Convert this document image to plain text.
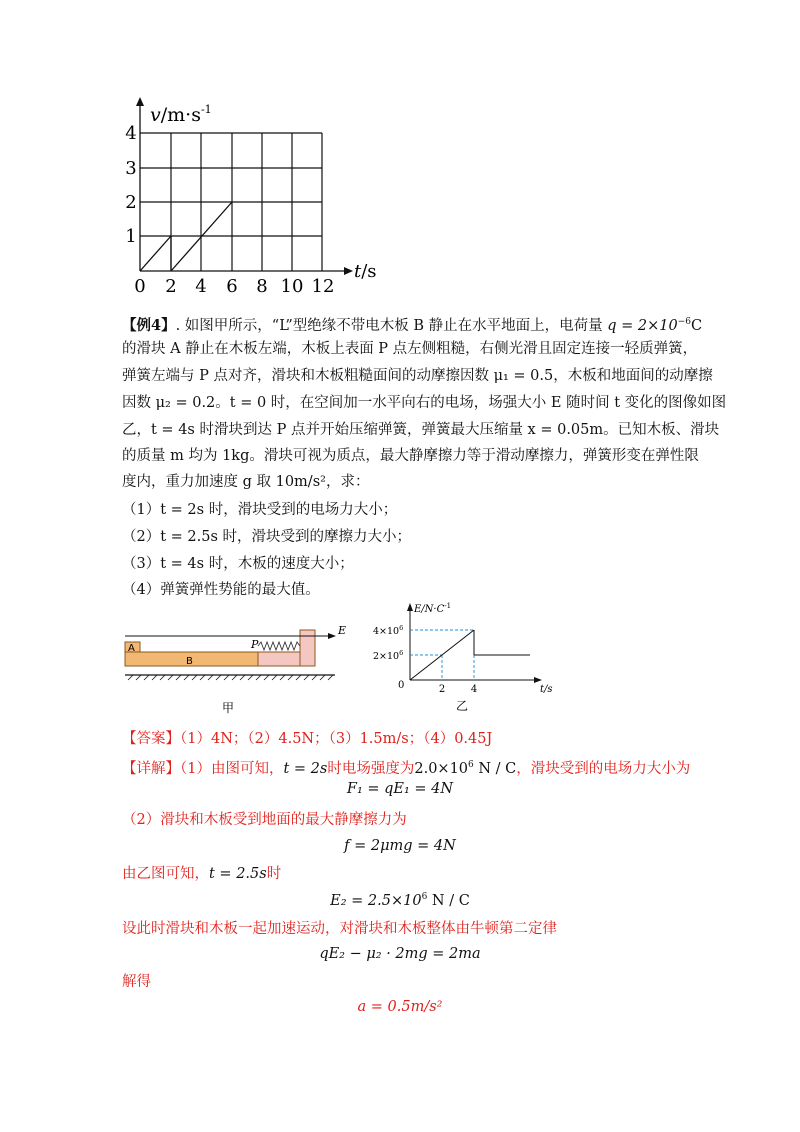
$v/m\cdot s^{-1}$
4
3
2
1
0 2 4 6 8 10 12
t/s
【例4】. 如图甲所示，“L”型绝缘不带电木板 B 静止在水平地面上，电荷量 $q = 2\times 10^{-6}C$
的滑块 A 静止在木板左端，木板上表面 P 点左侧粗糙，右侧光滑且固定连接一轻质弹簧，
弹簧左端与 P 点对齐，滑块和木板粗糙面间的动摩擦因数 μ₁ = 0.5，木板和地面间的动摩擦
因数 μ₂ = 0.2。t = 0 时，在空间加一水平向右的电场，场强大小 E 随时间 t 变化的图像如图
乙，t = 4s 时滑块到达 P 点并开始压缩弹簧，弹簧最大压缩量 x = 0.05m。已知木板、滑块
的质量 m 均为 1kg。滑块可视为质点，最大静摩擦力等于滑动摩擦力，弹簧形变在弹性限
度内，重力加速度 g 取 10m/s²，求：
（1）t = 2s 时，滑块受到的电场力大小；
（2）t = 2.5s 时，滑块受到的摩擦力大小；
（3）t = 4s 时，木板的速度大小；
（4）弹簧弹性势能的最大值。
A
B
P
E
甲
$E/N\cdot C^{-1}$
$4\times 10^6$
$2\times 10^6$
0	2	4	t/s
乙
【答案】（1）4N；（2）4.5N；（3）1.5m/s；（4）0.45J
【详解】（1）由图可知，t = 2s时电场强度为$2.0\times 10^6$ N / C，滑块受到的电场力大小为
F₁ = qE₁ = 4N
（2）滑块和木板受到地面的最大静摩擦力为
f = 2μmg = 4N
由乙图可知，t = 2.5s时
$E_2 = 2.5\times 10^6$ N / C
设此时滑块和木板一起加速运动，对滑块和木板整体由牛顿第二定律
qE₂ − μ₂ · 2mg = 2ma
解得
a = 0.5m/s²
